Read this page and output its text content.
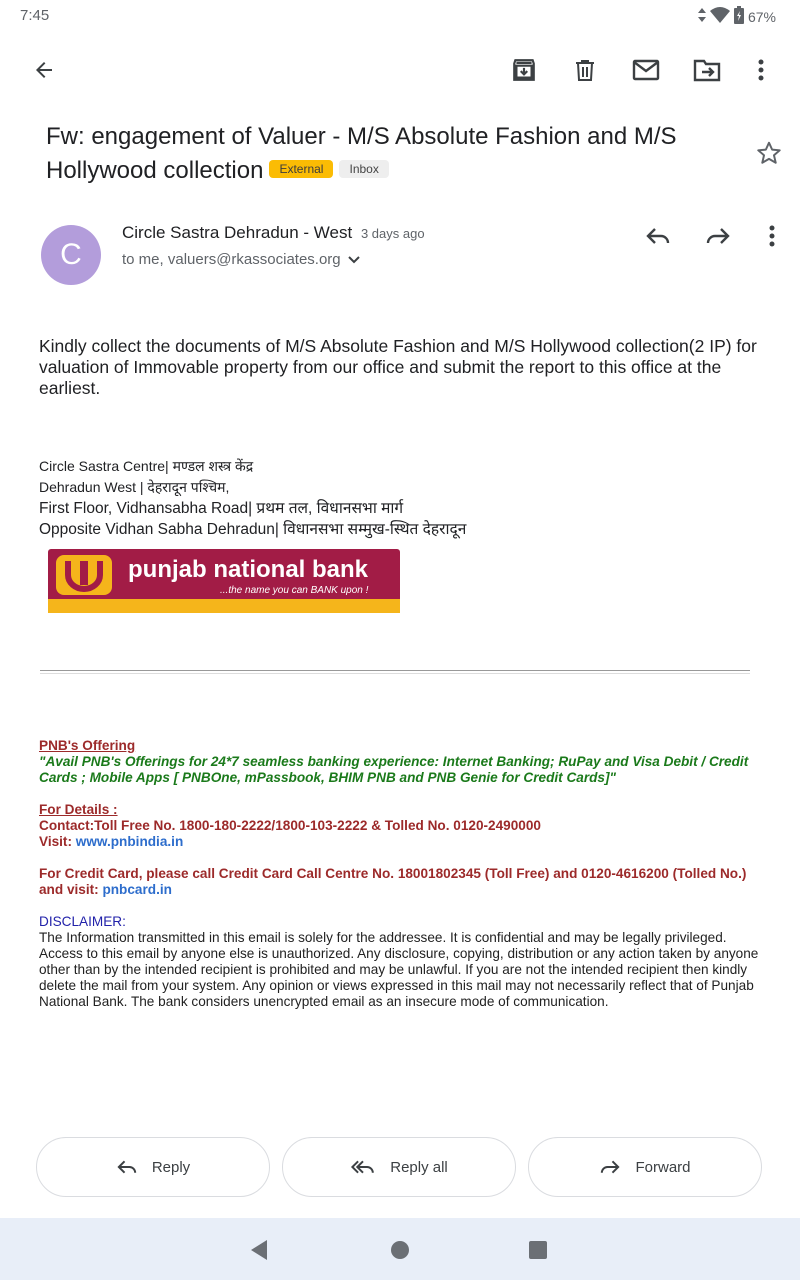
7:45	67%
Fw: engagement of Valuer - M/S Absolute Fashion and M/S Hollywood collection External Inbox
C
Circle Sastra Dehradun - West 3 days ago
to me, valuers@rkassociates.org
Kindly collect the documents of M/S Absolute Fashion and M/S Hollywood collection(2 IP) for valuation of Immovable property from our office and submit the report to this office at the earliest.
Circle Sastra Centre| मण्डल शस्त्र केंद्र
Dehradun West | देहरादून पश्चिम,
First Floor, Vidhansabha Road| प्रथम तल, विधानसभा मार्ग
Opposite Vidhan Sabha Dehradun| विधानसभा सम्मुख-स्थित देहरादून
punjab national bank
...the name you can BANK upon !
PNB's Offering
"Avail PNB's Offerings for 24*7 seamless banking experience: Internet Banking; RuPay and Visa Debit / Credit Cards ; Mobile Apps [ PNBOne, mPassbook, BHIM PNB and PNB Genie for Credit Cards]"
For Details :
Contact:Toll Free No. 1800-180-2222/1800-103-2222 & Tolled No. 0120-2490000
Visit: www.pnbindia.in
For Credit Card, please call Credit Card Call Centre No. 18001802345 (Toll Free) and 0120-4616200 (Tolled No.) and visit: pnbcard.in
DISCLAIMER:
The Information transmitted in this email is solely for the addressee. It is confidential and may be legally privileged. Access to this email by anyone else is unauthorized. Any disclosure, copying, distribution or any action taken by anyone other than by the intended recipient is prohibited and may be unlawful. If you are not the intended recipient then kindly delete the mail from your system. Any opinion or views expressed in this mail may not necessarily reflect that of Punjab National Bank. The bank considers unencrypted email as an insecure mode of communication.
Reply	Reply all	Forward
